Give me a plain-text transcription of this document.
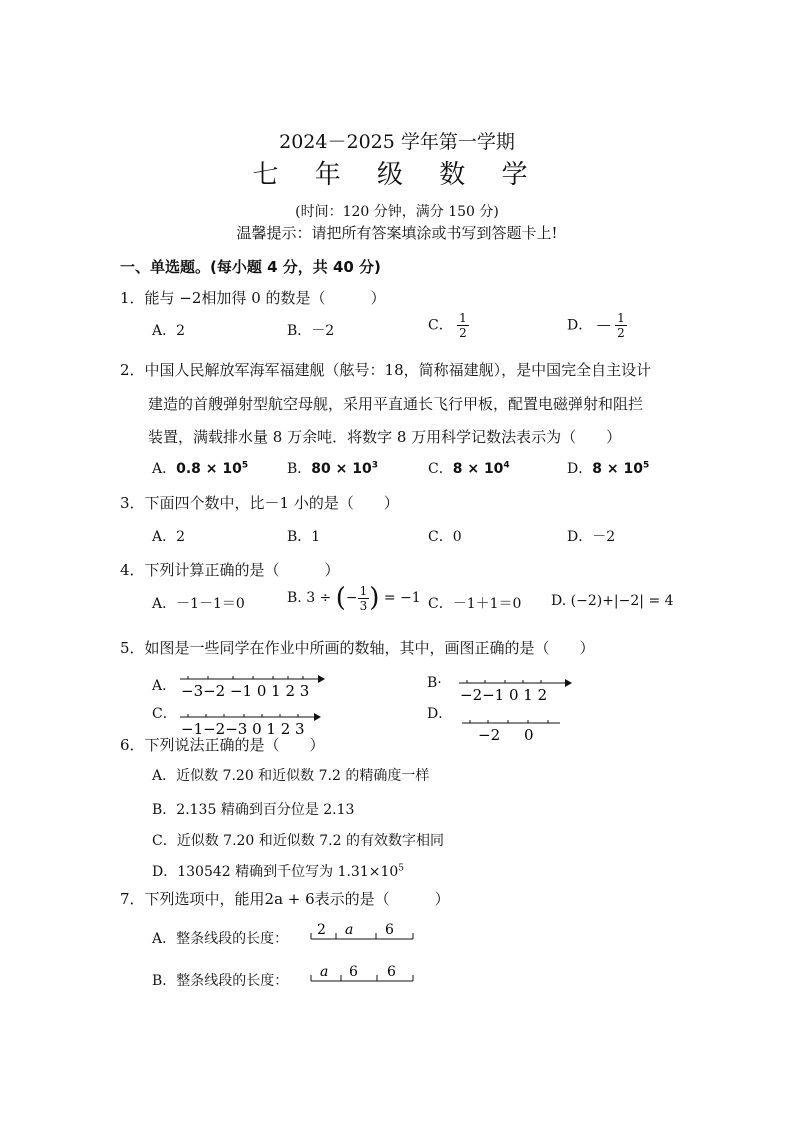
2024－2025 学年第一学期
七 年 级 数 学
(时间：120 分钟，满分 150 分)
温馨提示：请把所有答案填涂或书写到答题卡上!
一、单选题。(每小题 4 分，共 40 分)
1．能与 −2相加得 0 的数是（　　　）
A．2	B．－2	C． $\frac{1}{2}$	D． — $\frac{1}{2}$
2．中国人民解放军海军福建舰（舷号：18，简称福建舰），是中国完全自主设计
建造的首艘弹射型航空母舰，采用平直通长飞行甲板，配置电磁弹射和阻拦
装置，满载排水量 8 万余吨．将数字 8 万用科学记数法表示为（　　）
A．$0.8 \times 10^5$	B．$80 \times 10^3$	C．$8 \times 10^4$	D．$8 \times 10^5$
3．下面四个数中，比－1 小的是（　　）
A．2	B．1	C．0	D．－2
4．下列计算正确的是（　　　）
A．－1－1＝0	B. 3 ÷ (− $\frac{1}{3}$ ) = −1 C．－1＋1＝0 D. (−2)+|−2| = 4
5．如图是一些同学在作业中所画的数轴，其中，画图正确的是（　　）
A． −3−2 −1 0 1 2 3	B·
−2−1 0 1 2
C．
−1−2−3 0 1 2 3
D．
−2 0
6．下列说法正确的是（　　）
A．近似数 7.20 和近似数 7.2 的精确度一样
B．2.135 精确到百分位是 2.13
C．近似数 7.20 和近似数 7.2 的有效数字相同
D．130542 精确到千位写为 $1.31\times 10^5$
7．下列选项中，能用2a + 6表示的是（　　　）
A．整条线段的长度：
2 a 6
B．整条线段的长度：
a 6 6
